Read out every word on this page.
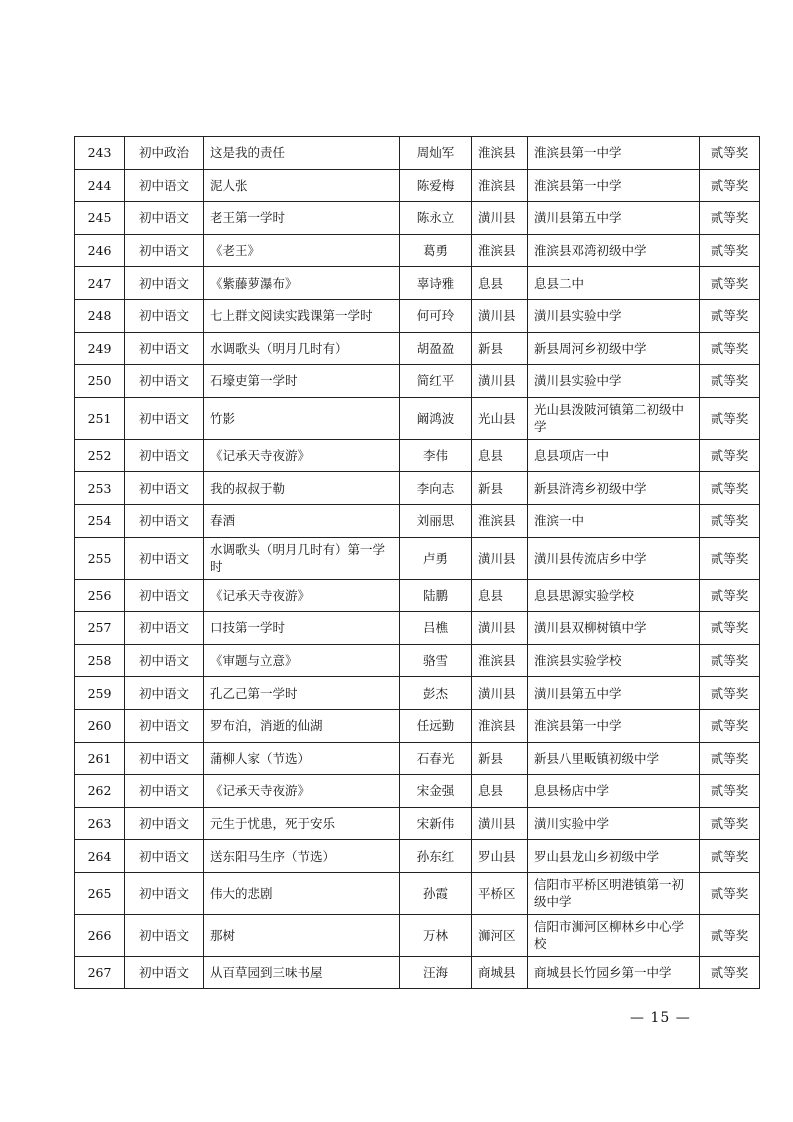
243	初中政治	这是我的责任	周灿军	淮滨县	淮滨县第一中学	贰等奖
244	初中语文	泥人张	陈爱梅	淮滨县	淮滨县第一中学	贰等奖
245	初中语文	老王第一学时	陈永立	潢川县	潢川县第五中学	贰等奖
246	初中语文	《老王》	葛勇	淮滨县	淮滨县邓湾初级中学	贰等奖
247	初中语文	《紫藤萝瀑布》	辜诗雅	息县	息县二中	贰等奖
248	初中语文	七上群文阅读实践课第一学时	何可玲	潢川县	潢川县实验中学	贰等奖
249	初中语文	水调歌头（明月几时有）	胡盈盈	新县	新县周河乡初级中学	贰等奖
250	初中语文	石壕吏第一学时	简红平	潢川县	潢川县实验中学	贰等奖
251	初中语文	竹影	阚鸿波	光山县	光山县泼陂河镇第二初级中学	贰等奖
252	初中语文	《记承天寺夜游》	李伟	息县	息县项店一中	贰等奖
253	初中语文	我的叔叔于勒	李向志	新县	新县浒湾乡初级中学	贰等奖
254	初中语文	春酒	刘丽思	淮滨县	淮滨一中	贰等奖
255	初中语文	水调歌头（明月几时有）第一学时	卢勇	潢川县	潢川县传流店乡中学	贰等奖
256	初中语文	《记承天寺夜游》	陆鹏	息县	息县思源实验学校	贰等奖
257	初中语文	口技第一学时	吕樵	潢川县	潢川县双柳树镇中学	贰等奖
258	初中语文	《审题与立意》	骆雪	淮滨县	淮滨县实验学校	贰等奖
259	初中语文	孔乙己第一学时	彭杰	潢川县	潢川县第五中学	贰等奖
260	初中语文	罗布泊，消逝的仙湖	任远勤	淮滨县	淮滨县第一中学	贰等奖
261	初中语文	蒲柳人家（节选）	石春光	新县	新县八里畈镇初级中学	贰等奖
262	初中语文	《记承天寺夜游》	宋金强	息县	息县杨店中学	贰等奖
263	初中语文	元生于忧患，死于安乐	宋新伟	潢川县	潢川实验中学	贰等奖
264	初中语文	送东阳马生序（节选）	孙东红	罗山县	罗山县龙山乡初级中学	贰等奖
265	初中语文	伟大的悲剧	孙霞	平桥区	信阳市平桥区明港镇第一初级中学	贰等奖
266	初中语文	那树	万林	浉河区	信阳市浉河区柳林乡中心学校	贰等奖
267	初中语文	从百草园到三味书屋	汪海	商城县	商城县长竹园乡第一中学	贰等奖
— 15 —
